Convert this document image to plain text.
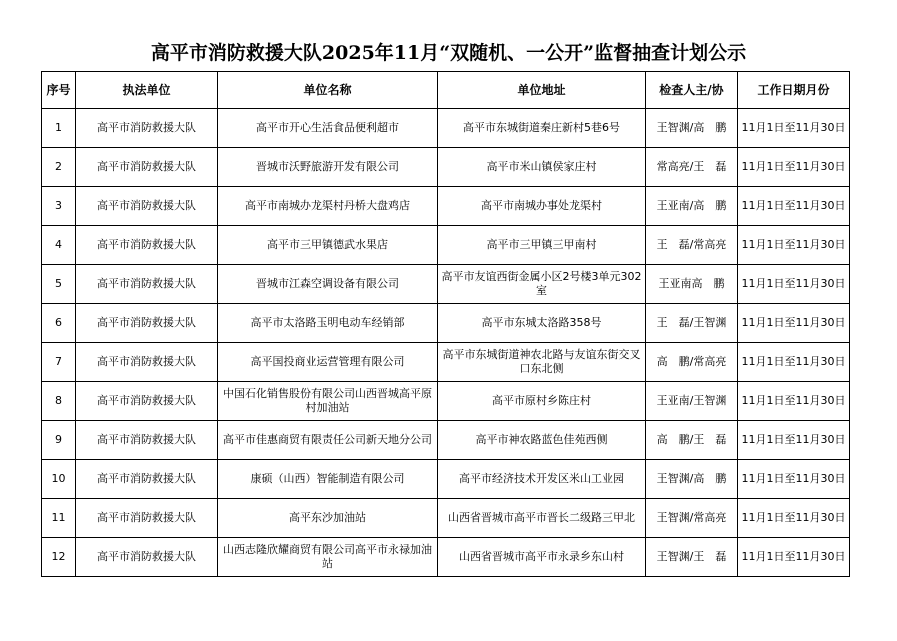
高平市消防救援大队2025年11月“双随机、一公开”监督抽查计划公示
序号	执法单位	单位名称	单位地址	检查人主/协	工作日期月份
1	高平市消防救援大队	高平市开心生活食品便利超市	高平市东城街道秦庄新村5巷6号	王智渊/高　鹏	11月1日至11月30日
2	高平市消防救援大队	晋城市沃野旅游开发有限公司	高平市米山镇侯家庄村	常高亮/王　磊	11月1日至11月30日
3	高平市消防救援大队	高平市南城办龙渠村丹桥大盘鸡店	高平市南城办事处龙渠村	王亚南/高　鹏	11月1日至11月30日
4	高平市消防救援大队	高平市三甲镇德武水果店	高平市三甲镇三甲南村	王　磊/常高亮	11月1日至11月30日
5	高平市消防救援大队	晋城市江森空调设备有限公司	高平市友谊西街金属小区2号楼3单元302室	王亚南高　鹏	11月1日至11月30日
6	高平市消防救援大队	高平市太洛路玉明电动车经销部	高平市东城太洛路358号	王　磊/王智渊	11月1日至11月30日
7	高平市消防救援大队	高平国投商业运营管理有限公司	高平市东城街道神农北路与友谊东街交叉口东北侧	高　鹏/常高亮	11月1日至11月30日
8	高平市消防救援大队	中国石化销售股份有限公司山西晋城高平原村加油站	高平市原村乡陈庄村	王亚南/王智渊	11月1日至11月30日
9	高平市消防救援大队	高平市佳惠商贸有限责任公司新天地分公司	高平市神农路蓝色佳苑西侧	高　鹏/王　磊	11月1日至11月30日
10	高平市消防救援大队	康硕（山西）智能制造有限公司	高平市经济技术开发区米山工业园	王智渊/高　鹏	11月1日至11月30日
11	高平市消防救援大队	高平东沙加油站	山西省晋城市高平市晋长二级路三甲北	王智渊/常高亮	11月1日至11月30日
12	高平市消防救援大队	山西志隆欣耀商贸有限公司高平市永禄加油站	山西省晋城市高平市永录乡东山村	王智渊/王　磊	11月1日至11月30日
